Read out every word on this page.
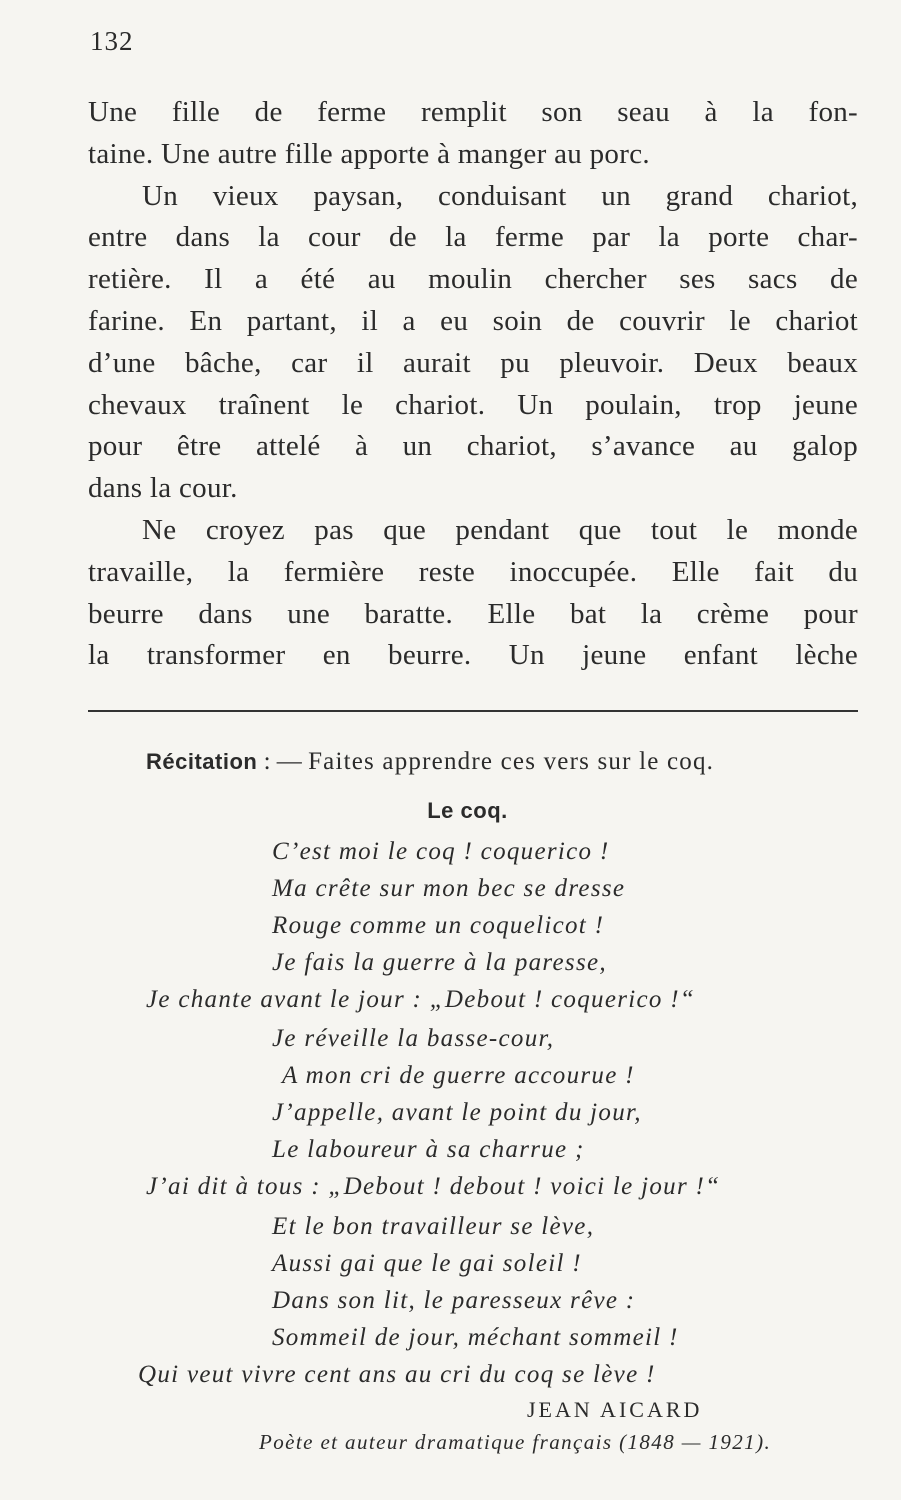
132
Une fille de ferme remplit son seau à la fon-
taine. Une autre fille apporte à manger au porc.
Un vieux paysan, conduisant un grand chariot,
entre dans la cour de la ferme par la porte char-
retière. Il a été au moulin chercher ses sacs de
farine. En partant, il a eu soin de couvrir le chariot
d’une bâche, car il aurait pu pleuvoir. Deux beaux
chevaux traînent le chariot. Un poulain, trop jeune
pour être attelé à un chariot, s’avance au galop
dans la cour.
Ne croyez pas que pendant que tout le monde
travaille, la fermière reste inoccupée. Elle fait du
beurre dans une baratte. Elle bat la crème pour
la transformer en beurre. Un jeune enfant lèche
Récitation : — Faites apprendre ces vers sur le coq.
Le coq.
C’est moi le coq ! coquerico !
Ma crête sur mon bec se dresse
Rouge comme un coquelicot !
Je fais la guerre à la paresse,
Je chante avant le jour : „Debout ! coquerico !“
Je réveille la basse-cour,
A mon cri de guerre accourue !
J’appelle, avant le point du jour,
Le laboureur à sa charrue ;
J’ai dit à tous : „Debout ! debout ! voici le jour !“
Et le bon travailleur se lève,
Aussi gai que le gai soleil !
Dans son lit, le paresseux rêve :
Sommeil de jour, méchant sommeil !
Qui veut vivre cent ans au cri du coq se lève !
JEAN AICARD
Poète et auteur dramatique français (1848 — 1921).
